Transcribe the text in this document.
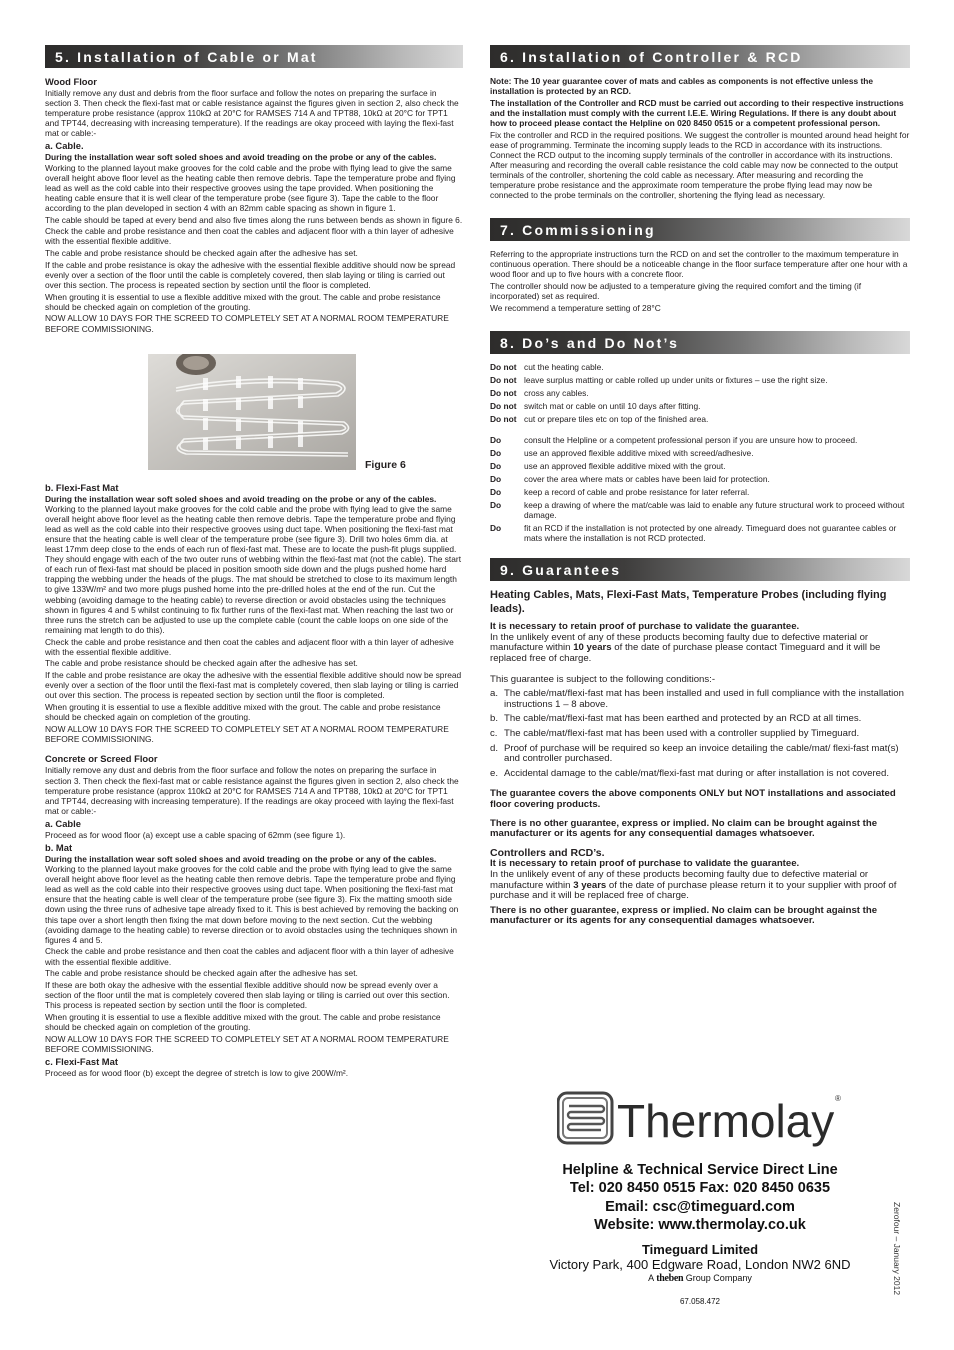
5. Installation of Cable or Mat
Wood Floor

Initially remove any dust and debris from the floor surface and follow the notes on preparing the surface in section 3. Then check the flexi-fast mat or cable resistance against the figures given in section 2, also check the temperature probe resistance (approx 110kΩ at 20°C for RAMSES 714 A and TPT88, 10kΩ at 20°C for TPT1 and TPT44, decreasing with increasing temperature). If the readings are okay proceed with laying the flexi-fast mat or cable:-

a. Cable.

During the installation wear soft soled shoes and avoid treading on the probe or any of the cables. Working to the planned layout make grooves for the cold cable and the probe with flying lead to give the same overall height above floor level as the heating cable then remove debris. Tape the temperature probe and flying lead as well as the cold cable into their respective grooves using the tape provided. When positioning the heating cable ensure that it is well clear of the temperature probe (see figure 3). Tape the cable to the floor according to the plan developed in section 4 with an 82mm cable spacing as shown in figure 1.

The cable should be taped at every bend and also five times along the runs between bends as shown in figure 6.

Check the cable and probe resistance and then coat the cables and adjacent floor with a thin layer of adhesive with the essential flexible additive.

The cable and probe resistance should be checked again after the adhesive has set.

If the cable and probe resistance is okay the adhesive with the essential flexible additive should now be spread evenly over a section of the floor until the cable is completely covered, then slab laying or tiling is carried out over this section. The process is repeated section by section until the floor is completed.

When grouting it is essential to use a flexible additive mixed with the grout. The cable and probe resistance should be checked again on completion of the grouting.

NOW ALLOW 10 DAYS FOR THE SCREED TO COMPLETELY SET AT A NORMAL ROOM TEMPERATURE BEFORE COMMISSIONING.

Figure 6
b. Flexi-Fast Mat

During the installation wear soft soled shoes and avoid treading on the probe or any of the cables. Working to the planned layout make grooves for the cold cable and the probe with flying lead to give the same overall height above floor level as the heating cable then remove debris. Tape the temperature probe and flying lead as well as the cold cable into their respective grooves using duct tape. When positioning the flexi-fast mat ensure that the heating cable is well clear of the temperature probe (see figure 3). Drill two holes 6mm dia. at least 17mm deep close to the ends of each run of flexi-fast mat. These are to locate the push-fit plugs supplied. They should engage with each of the two outer runs of webbing within the flexi-fast mat (not the cable). The start of each run of flexi-fast mat should be placed in position smooth side down and the plugs pushed home hard trapping the webbing under the heads of the plugs. The mat should be stretched to close to its maximum length to give 133W/m² and two more plugs pushed home into the pre-drilled holes at the end of the run. Cut the webbing (avoiding damage to the heating cable) to reverse direction or avoid obstacles using the techniques shown in figures 4 and 5 whilst continuing to fix further runs of the flexi-fast mat. When reaching the last two or three runs the stretch can be adjusted to use up the complete cable (count the cable loops on one side of the remaining mat length to do this).

Check the cable and probe resistance and then coat the cables and adjacent floor with a thin layer of adhesive with the essential flexible additive.

The cable and probe resistance should be checked again after the adhesive has set.

If the cable and probe resistance are okay the adhesive with the essential flexible additive should now be spread evenly over a section of the floor until the flexi-fast mat is completely covered, then slab laying or tiling is carried out over this section. The process is repeated section by section until the floor is completed.

When grouting it is essential to use a flexible additive mixed with the grout. The cable and probe resistance should be checked again on completion of the grouting.

NOW ALLOW 10 DAYS FOR THE SCREED TO COMPLETELY SET AT A NORMAL ROOM TEMPERATURE BEFORE COMMISSIONING.

Concrete or Screed Floor

Initially remove any dust and debris from the floor surface and follow the notes on preparing the surface in section 3. Then check the flexi-fast mat or cable resistance against the figures given in section 2, also check the temperature probe resistance (approx 110kΩ at 20°C for RAMSES 714 A and TPT88, 10kΩ at 20°C for TPT1 and TPT44, decreasing with increasing temperature). If the readings are okay proceed with laying the flexi-fast mat or cable:-

a. Cable

Proceed as for wood floor (a) except use a cable spacing of 62mm (see figure 1).

b. Mat

During the installation wear soft soled shoes and avoid treading on the probe or any of the cables. Working to the planned layout make grooves for the cold cable and the probe with flying lead to give the same overall height above floor level as the heating cable then remove debris. Tape the temperature probe and flying lead as well as the cold cable into their respective grooves using duct tape. When positioning the flexi-fast mat ensure that the heating cable is well clear of the temperature probe (see figure 3). Fix the matting smooth side down using the three runs of adhesive tape already fixed to it. This is best achieved by removing the backing on this tape over a short length then fixing the mat down before moving to the next section. Cut the webbing (avoiding damage to the heating cable) to reverse direction or to avoid obstacles using the techniques shown in figures 4 and 5.

Check the cable and probe resistance and then coat the cables and adjacent floor with a thin layer of adhesive with the essential flexible additive.

The cable and probe resistance should be checked again after the adhesive has set.

If these are both okay the adhesive with the essential flexible additive should now be spread evenly over a section of the floor until the mat is completely covered then slab laying or tiling is carried out over this section. This process is repeated section by section until the floor is completed.

When grouting it is essential to use a flexible additive mixed with the grout. The cable and probe resistance should be checked again on completion of the grouting.

NOW ALLOW 10 DAYS FOR THE SCREED TO COMPLETELY SET AT A NORMAL ROOM TEMPERATURE BEFORE COMMISSIONING.

c. Flexi-Fast Mat

Proceed as for wood floor (b) except the degree of stretch is low to give 200W/m².

6. Installation of Controller & RCD

Note: The 10 year guarantee cover of mats and cables as components is not effective unless the installation is protected by an RCD.

The installation of the Controller and RCD must be carried out according to their respective instructions and the installation must comply with the current I.E.E. Wiring Regulations. If there is any doubt about how to proceed please contact the Helpline on 020 8450 0515 or a competent professional person.

Fix the controller and RCD in the required positions. We suggest the controller is mounted around head height for ease of programming. Terminate the incoming supply leads to the RCD in accordance with its instructions. Connect the RCD output to the incoming supply terminals of the controller in accordance with its instructions. After measuring and recording the overall cable resistance the cold cable may now be connected to the output terminals of the controller, shortening the cold cable as necessary. After measuring and recording the temperature probe resistance and the approximate room temperature the probe flying lead may now be connected to the probe terminals on the controller, shortening the flying lead as necessary.

7. Commissioning

Referring to the appropriate instructions turn the RCD on and set the controller to the maximum temperature in continuous operation. There should be a noticeable change in the floor surface temperature after one hour with a wood floor and up to five hours with a concrete floor.

The controller should now be adjusted to a temperature giving the required comfort and the timing (if incorporated) set as required.

We recommend a temperature setting of 28°C

8. Do’s and Do Not’s
Do not cut the heating cable.
Do not leave surplus matting or cable rolled up under units or fixtures – use the right size.
Do not cross any cables.
Do not switch mat or cable on until 10 days after fitting.
Do not cut or prepare tiles etc on top of the finished area.
Do	consult the Helpline or a competent professional person if you are unsure how to proceed.
Do	use an approved flexible additive mixed with screed/adhesive.
Do	use an approved flexible additive mixed with the grout.
Do	cover the area where mats or cables have been laid for protection.
Do	keep a record of cable and probe resistance for later referral.
Do	keep a drawing of where the mat/cable was laid to enable any future structural work to proceed without damage.
Do	fit an RCD if the installation is not protected by one already. Timeguard does not guarantee cables or mats where the installation is not RCD protected.
9. Guarantees
Heating Cables, Mats, Flexi-Fast Mats, Temperature Probes (including flying leads).

It is necessary to retain proof of purchase to validate the guarantee.
In the unlikely event of any of these products becoming faulty due to defective material or manufacture within 10 years of the date of purchase please contact Timeguard and it will be replaced free of charge.

This guarantee is subject to the following conditions:-

a. The cable/mat/flexi-fast mat has been installed and used in full compliance with the installation instructions 1 – 8 above.
b. The cable/mat/flexi-fast mat has been earthed and protected by an RCD at all times.
c. The cable/mat/flexi-fast mat has been used with a controller supplied by Timeguard.
d. Proof of purchase will be required so keep an invoice detailing the cable/mat/ flexi-fast mat(s) and controller purchased.
e. Accidental damage to the cable/mat/flexi-fast mat during or after installation is not covered.

The guarantee covers the above components ONLY but NOT installations and associated floor covering products.

There is no other guarantee, express or implied. No claim can be brought against the manufacturer or its agents for any consequential damages whatsoever.

Controllers and RCD’s.

It is necessary to retain proof of purchase to validate the guarantee.
In the unlikely event of any of these products becoming faulty due to defective material or manufacture within 3 years of the date of purchase please return it to your supplier with proof of purchase and it will be replaced free of charge.

There is no other guarantee, express or implied. No claim can be brought against the manufacturer or its agents for any consequential damages whatsoever.

Thermolay ®
Helpline & Technical Service Direct Line
Tel: 020 8450 0515 Fax: 020 8450 0635
Email: csc@timeguard.com
Website: www.thermolay.co.uk
Timeguard Limited
Victory Park, 400 Edgware Road, London NW2 6ND
A theben Group Company
67.058.472
Zerofour – January 2012
